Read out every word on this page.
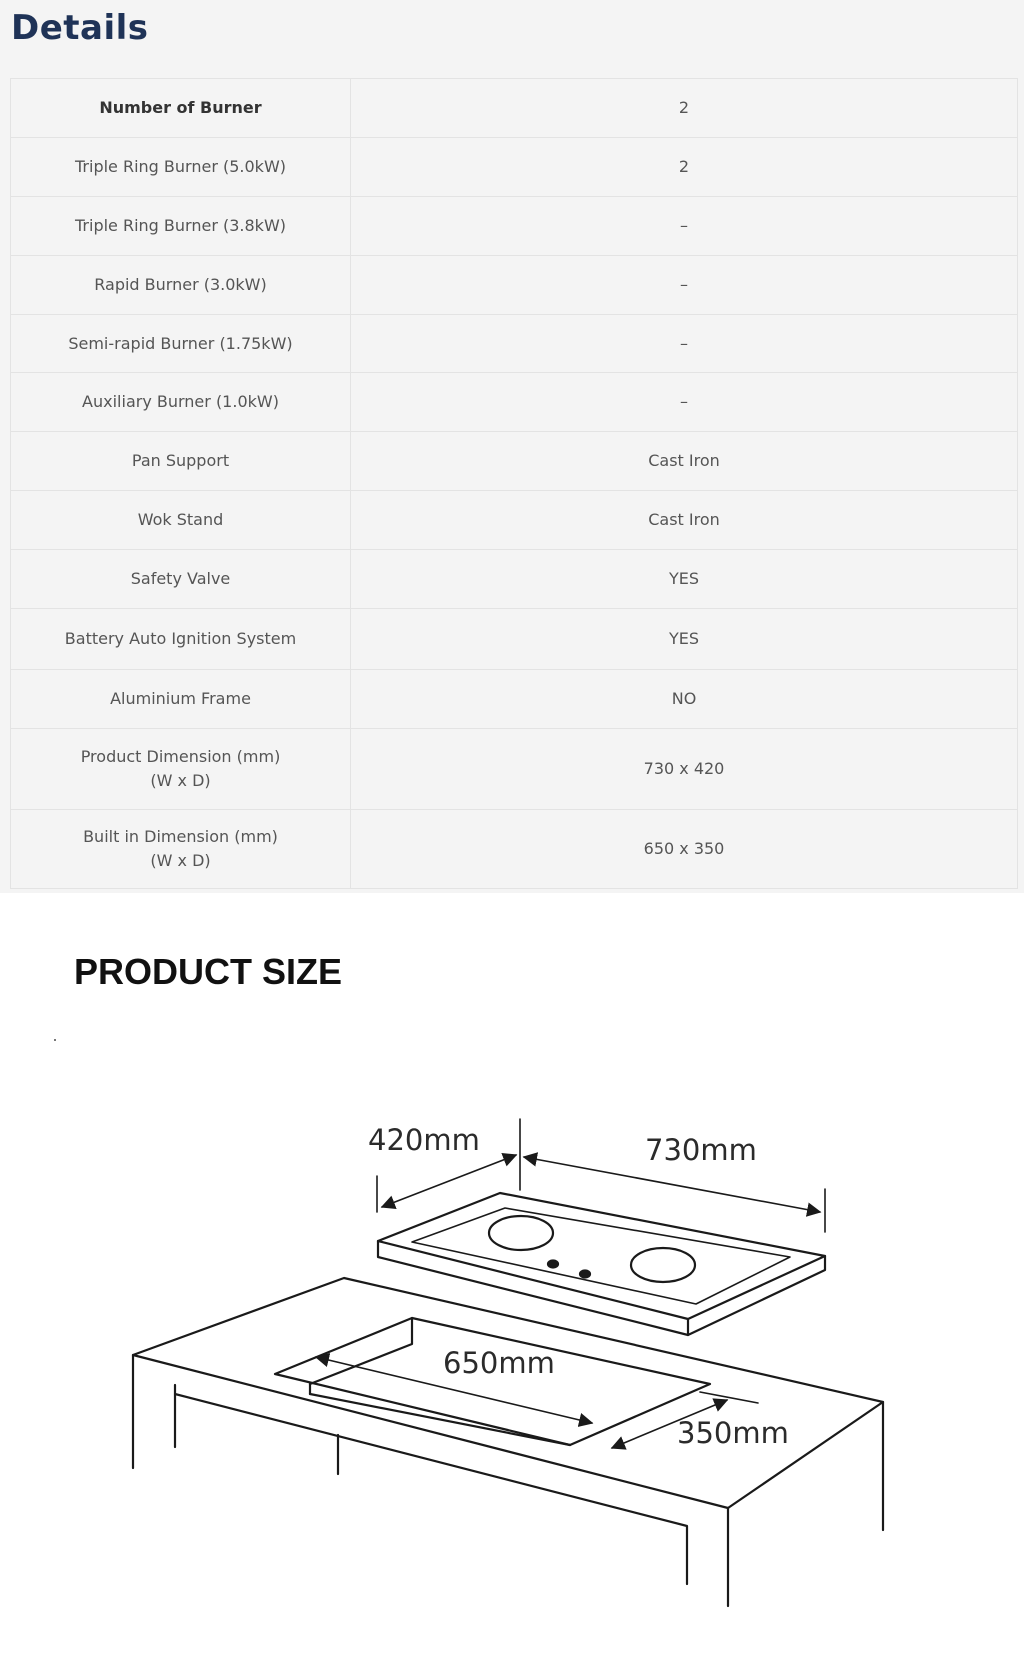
Details
Number of Burner	2
Triple Ring Burner (5.0kW)	2
Triple Ring Burner (3.8kW)	–
Rapid Burner (3.0kW)	–
Semi-rapid Burner (1.75kW)	–
Auxiliary Burner (1.0kW)	–
Pan Support	Cast Iron
Wok Stand	Cast Iron
Safety Valve	YES
Battery Auto Ignition System	YES
Aluminium Frame	NO

Product Dimension (mm)
(W x D)	730 x 420

Built in Dimension (mm)
(W x D)	650 x 350
PRODUCT SIZE
420mm	730mm
650mm
350mm
